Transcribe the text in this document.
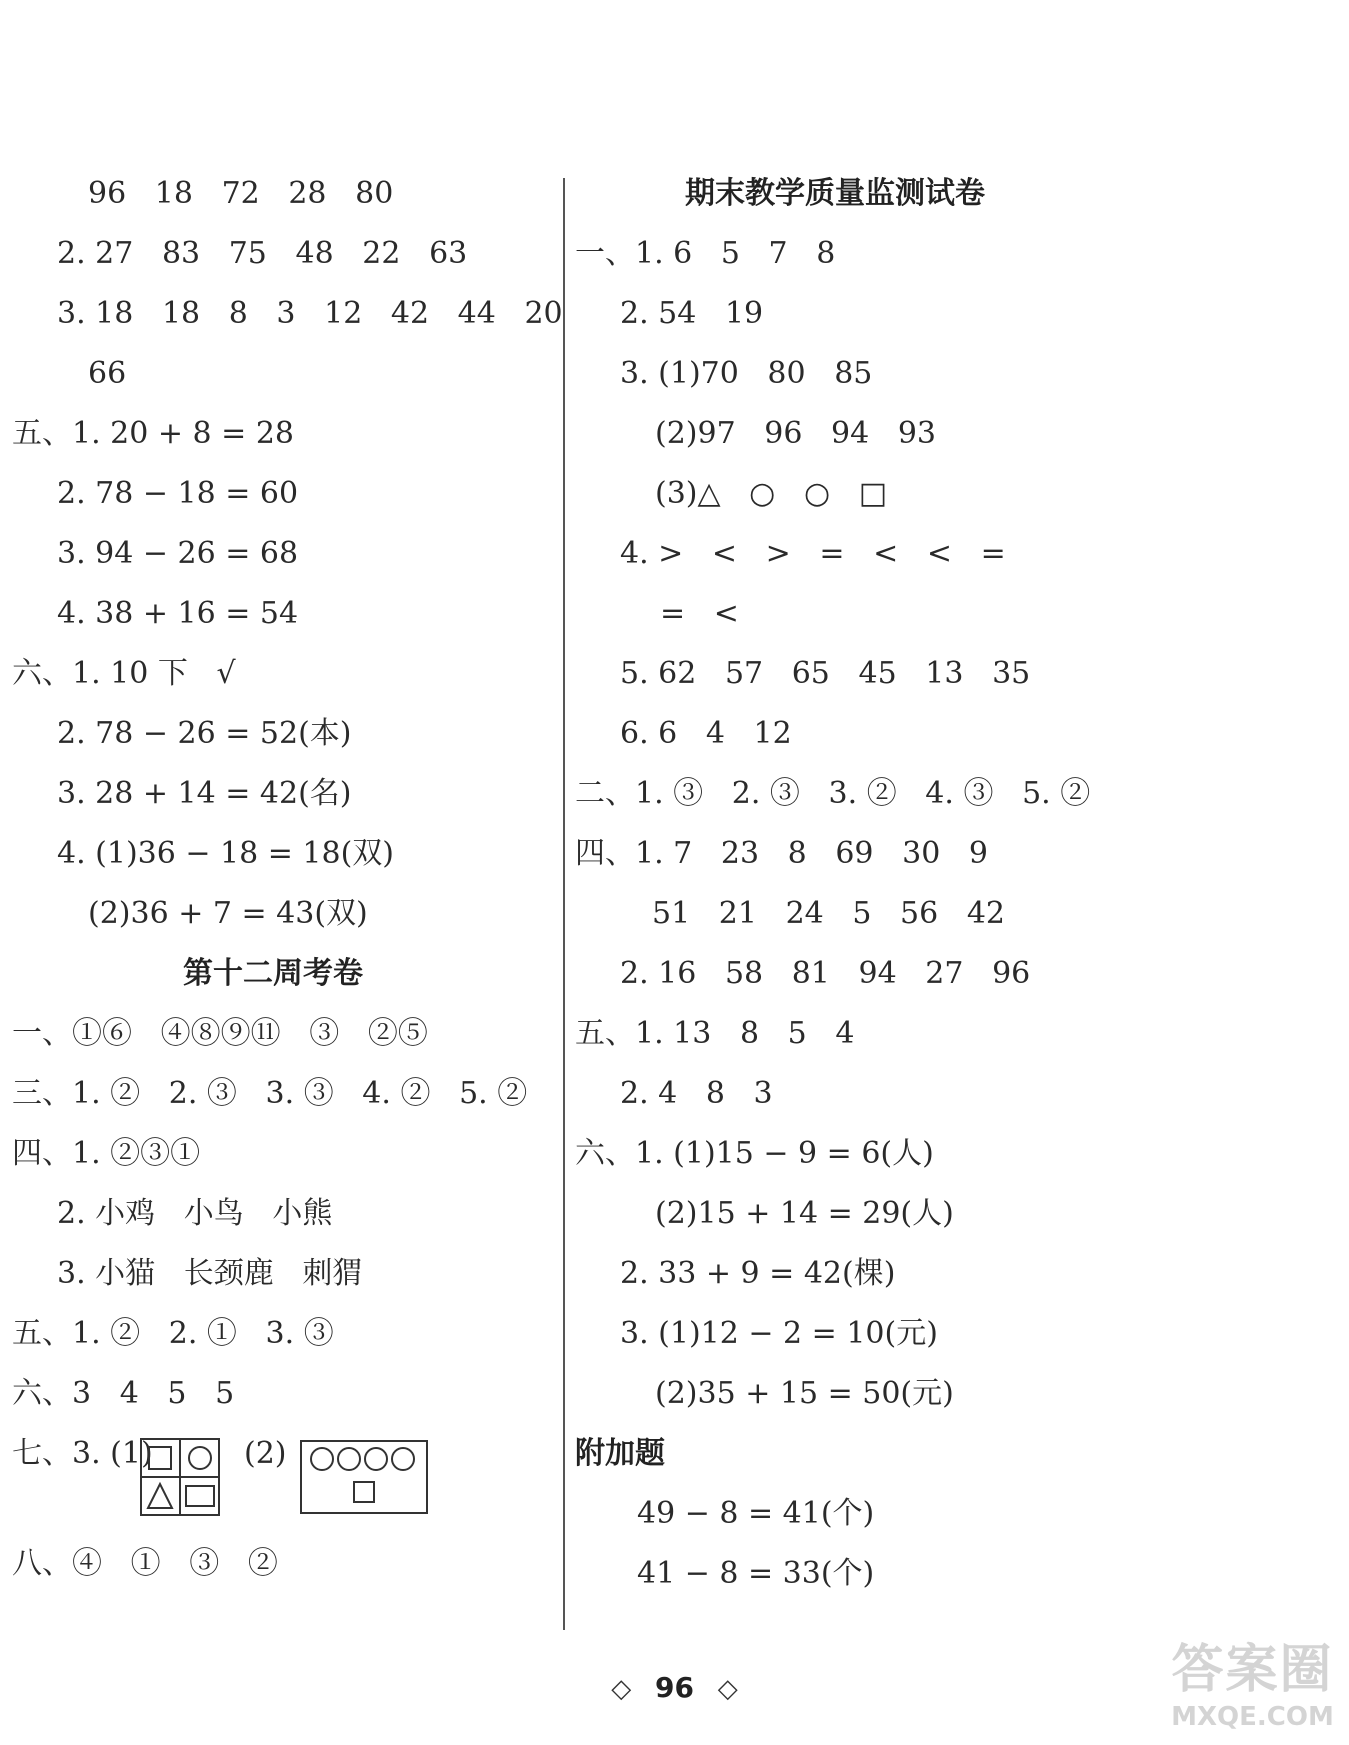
96   18   72   28   80
2. 27   83   75   48   22   63
3. 18   18   8   3   12   42   44   20
66
五、1. 20 + 8 = 28
2. 78 − 18 = 60
3. 94 − 26 = 68
4. 38 + 16 = 54
六、1. 10 下   √
2. 78 − 26 = 52(本)
3. 28 + 14 = 42(名)
4. (1)36 − 18 = 18(双)
(2)36 + 7 = 43(双)
第十二周考卷
一、①⑥   ④⑧⑨⑪   ③   ②⑤
三、1. ②   2. ③   3. ③   4. ②   5. ②
四、1. ②③①
2. 小鸡   小鸟   小熊
3. 小猫   长颈鹿   刺猬
五、1. ②   2. ①   3. ③
六、3   4   5   5
七、3. (1)	(2)
八、④   ①   ③   ②
期末教学质量监测试卷
一、1. 6   5   7   8
2. 54   19
3. (1)70   80   85
(2)97   96   94   93
(3)△   ○   ○   □
4. >   <   >   =   <   <   =
=   <
5. 62   57   65   45   13   35
6. 6   4   12
二、1. ③   2. ③   3. ②   4. ③   5. ②
四、1. 7   23   8   69   30   9
51   21   24   5   56   42
2. 16   58   81   94   27   96
五、1. 13   8   5   4
2. 4   8   3
六、1. (1)15 − 9 = 6(人)
(2)15 + 14 = 29(人)
2. 33 + 9 = 42(棵)
3. (1)12 − 2 = 10(元)
(2)35 + 15 = 50(元)
附加题
49 − 8 = 41(个)
41 − 8 = 33(个)
◇ 96 ◇	答案圈
MXQE.COM
